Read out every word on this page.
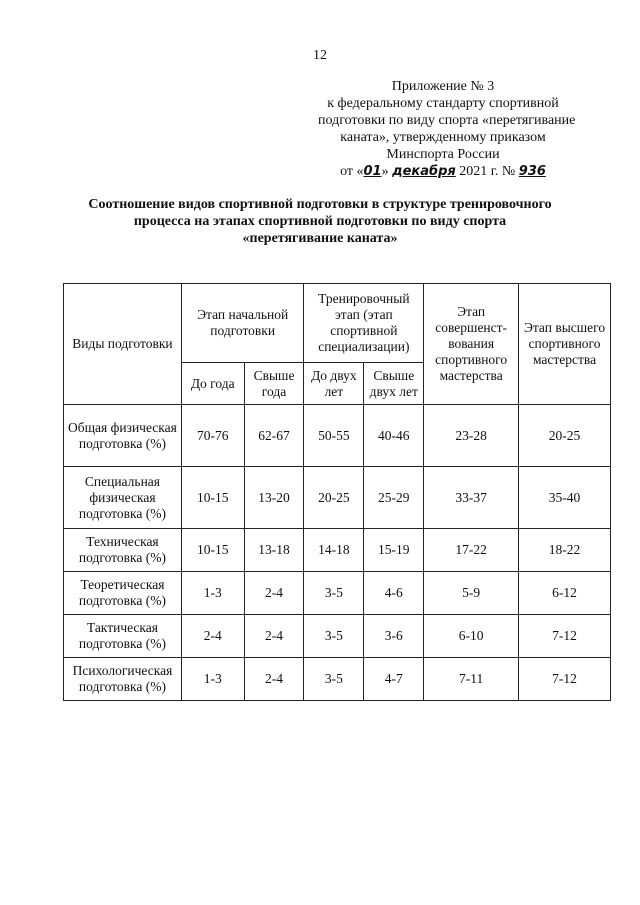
12
Приложение № 3
к федеральному стандарту спортивной
подготовки по виду спорта «перетягивание
каната», утвержденному приказом
Минспорта России
от «01» декабря 2021 г. № 936
Соотношение видов спортивной подготовки в структуре тренировочного
процесса на этапах спортивной подготовки по виду спорта
«перетягивание каната»
Виды подготовки	Этап начальной подготовки		Тренировочный этап (этап спортивной специализации)		Этап совершенст-вования спортивного мастерства	Этап высшего спортивного мастерства
	До года	Свыше года	До двух лет	Свыше двух лет		
Общая физическая подготовка (%)	70-76	62-67	50-55	40-46	23-28	20-25
Специальная физическая подготовка (%)	10-15	13-20	20-25	25-29	33-37	35-40
Техническая подготовка (%)	10-15	13-18	14-18	15-19	17-22	18-22
Теоретическая подготовка (%)	1-3	2-4	3-5	4-6	5-9	6-12
Тактическая подготовка (%)	2-4	2-4	3-5	3-6	6-10	7-12
Психологическая подготовка (%)	1-3	2-4	3-5	4-7	7-11	7-12
